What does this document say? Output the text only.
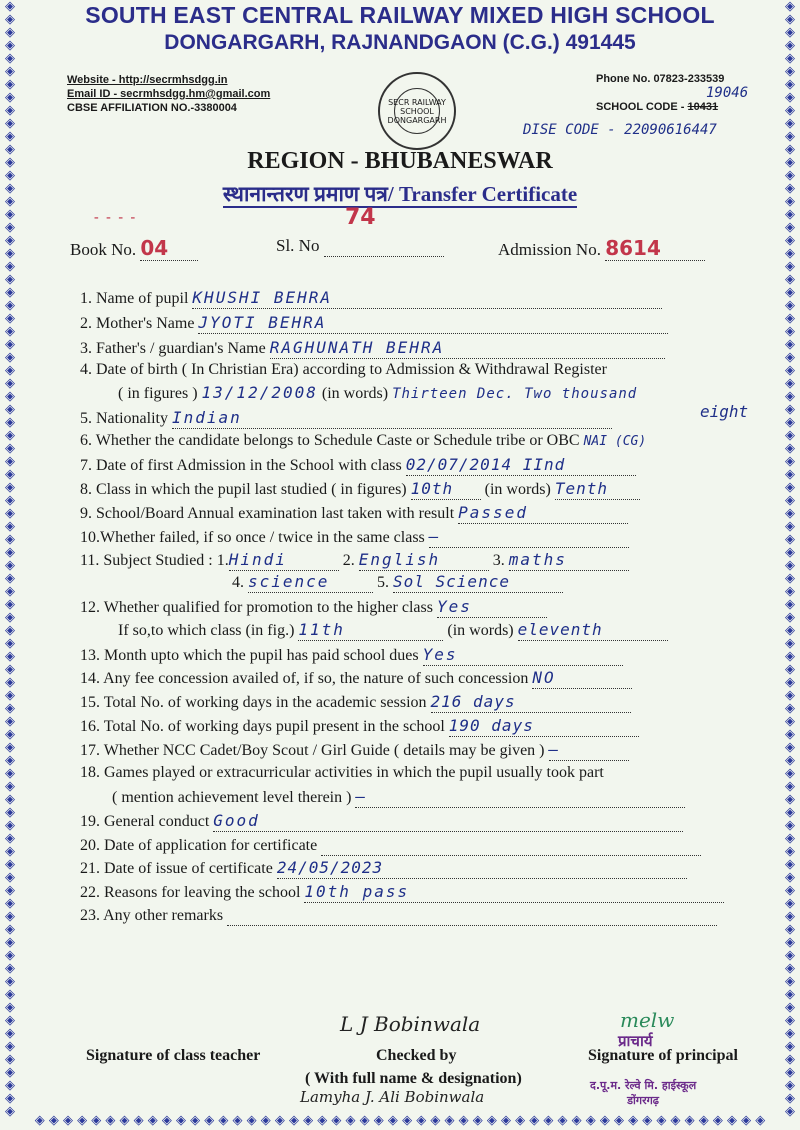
◈
◈
◈
◈
◈
◈
◈
◈
◈
◈
◈
◈
◈
◈
◈
◈
◈
◈
◈
◈
◈
◈
◈
◈
◈
◈
◈
◈
◈
◈
◈
◈
◈
◈
◈
◈
◈
◈
◈
◈
◈
◈
◈
◈
◈
◈
◈
◈
◈
◈
◈
◈
◈
◈
◈
◈
◈
◈
◈
◈
◈
◈
◈
◈
◈
◈
◈
◈
◈
◈
◈
◈
◈
◈
◈
◈
◈
◈
◈
◈
◈
◈
◈
◈
◈
◈
◈
◈
◈
◈
◈
◈
◈
◈
◈
◈
◈
◈
◈
◈
◈
◈
◈
◈
◈
◈
◈
◈
◈
◈
◈
◈
◈
◈
◈
◈
◈
◈
◈
◈
◈
◈
◈
◈
◈
◈
◈
◈
◈
◈
◈
◈
◈
◈
◈
◈
◈
◈
◈
◈
◈
◈
◈
◈
◈
◈
◈
◈
◈
◈
◈
◈
◈
◈
◈
◈
◈
◈
◈
◈
◈
◈
◈
◈
◈
◈
◈
◈
◈
◈
◈
◈
◈ ◈ ◈ ◈ ◈ ◈ ◈ ◈ ◈ ◈ ◈ ◈ ◈ ◈ ◈ ◈ ◈ ◈ ◈ ◈ ◈ ◈ ◈ ◈ ◈ ◈ ◈ ◈ ◈ ◈ ◈ ◈ ◈ ◈ ◈ ◈ ◈ ◈ ◈ ◈ ◈ ◈ ◈ ◈ ◈ ◈ ◈ ◈ ◈ ◈ ◈ ◈
SOUTH EAST CENTRAL RAILWAY MIXED HIGH SCHOOL
DONGARGARH, RAJNANDGAON (C.G.) 491445
Website - http://secrmhsdgg.in
Email ID - secrmhsdgg.hm@gmail.com
CBSE AFFILIATION NO.-3380004	SECR RAILWAY SCHOOL DONGARGARH
Phone No. 07823-233539
SCHOOL CODE - 10431
19046
DISE CODE - 22090616447
REGION - BHUBANESWAR
स्थानान्तरण प्रमाण पत्र/ Transfer Certificate
- - - -	74
Book No. 04	Sl. No	Admission No. 8614
1. Name of pupil KHUSHI BEHRA
2. Mother's Name JYOTI BEHRA
3. Father's / guardian's Name RAGHUNATH BEHRA
4. Date of birth ( In Christian Era) according to Admission & Withdrawal Register
( in figures ) 13/12/2008 (in words) Thirteen Dec. Two thousand
eight
5. Nationality Indian
6. Whether the candidate belongs to Schedule Caste or Schedule tribe or OBC NAI (CG)
7. Date of first Admission in the School with class 02/07/2014 IInd
8. Class in which the pupil last studied ( in figures) 10th (in words) Tenth
9. School/Board Annual examination last taken with result Passed
10.Whether failed, if so once / twice in the same class —
11. Subject Studied : 1.Hindi	2. English	3. maths
4. science	5. Sol Science
12. Whether qualified for promotion to the higher class Yes
If so,to which class (in fig.) 11th	(in words) eleventh
13. Month upto which the pupil has paid school dues Yes
14. Any fee concession availed of, if so, the nature of such concession NO
15. Total No. of working days in the academic session 216 days
16. Total No. of working days pupil present in the school 190 days
17. Whether NCC Cadet/Boy Scout / Girl Guide ( details may be given ) —
18. Games played or extracurricular activities in which the pupil usually took part
( mention achievement level therein ) —
19. General conduct Good
20. Date of application for certificate
21. Date of issue of certificate 24/05/2023
22. Reasons for leaving the school 10th pass
23. Any other remarks
L J Bobinwala	melw
Signature of class teacher	Checked by
( With full name & designation)
Signature of principal
Lamyha J. Ali Bobinwala
प्राचार्य
द.पू.म. रेल्वे मि. हाईस्कूल
डोंगरगढ़
